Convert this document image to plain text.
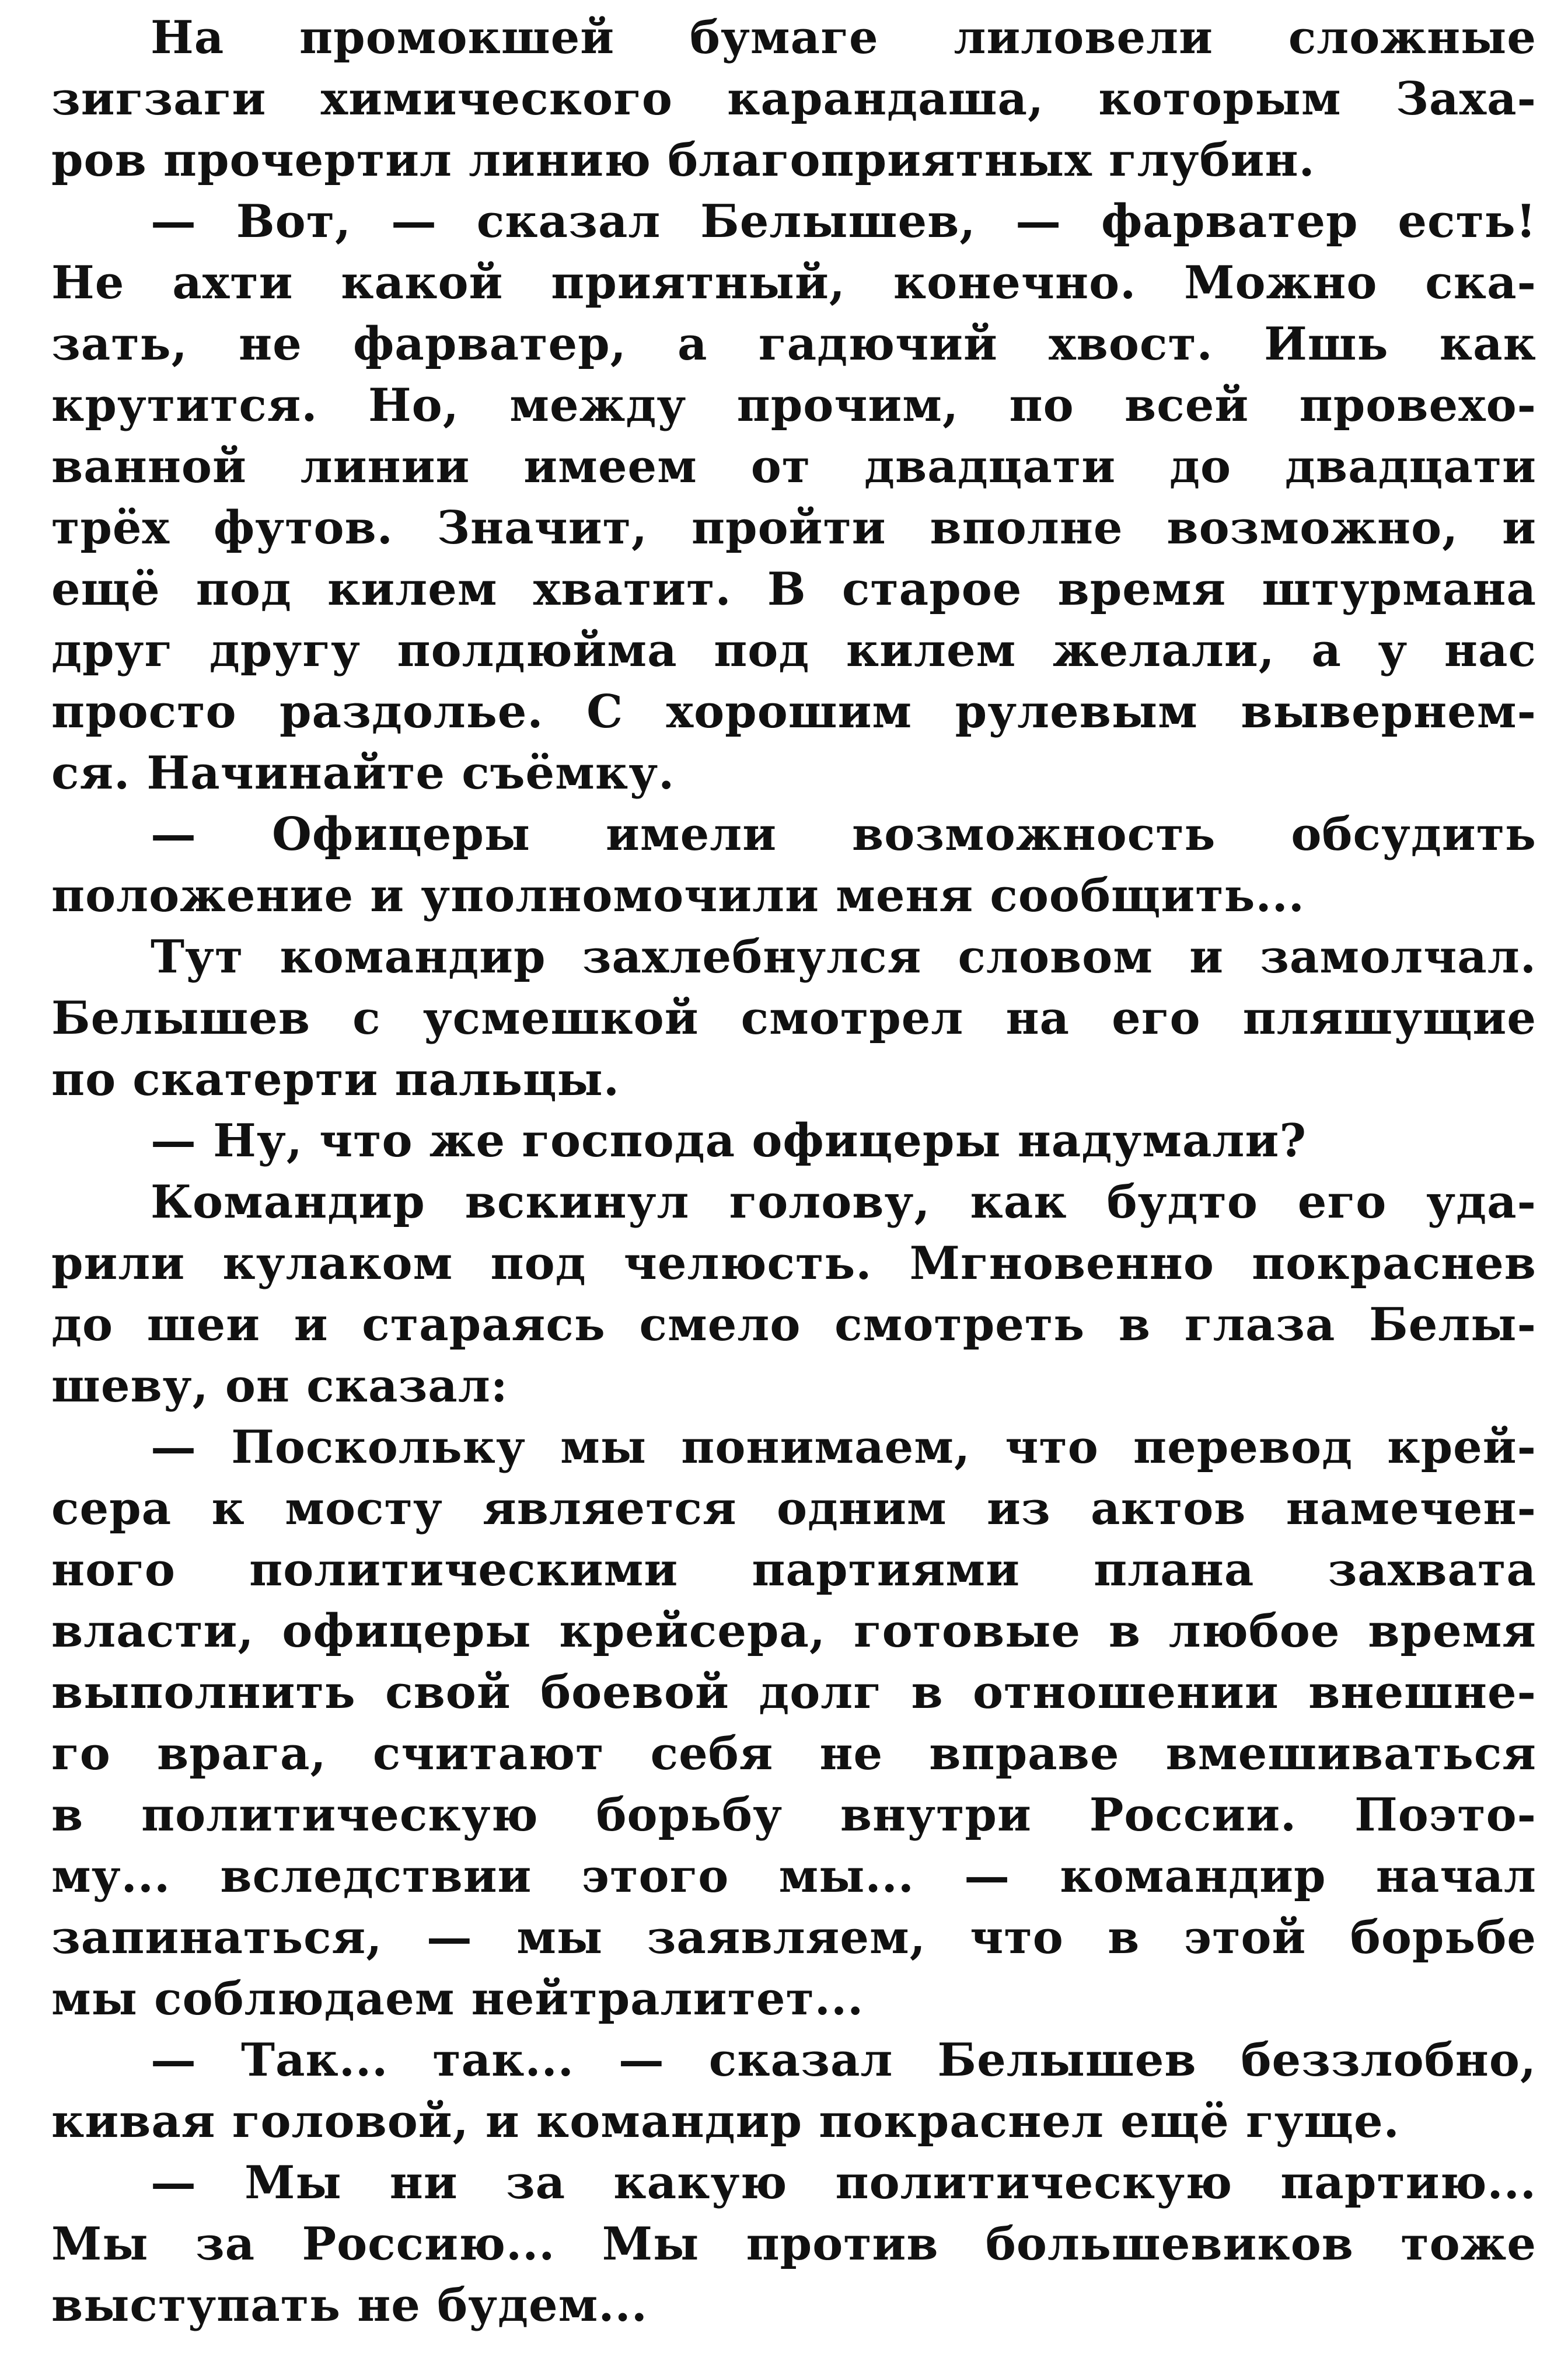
На промокшей бумаге лиловели сложные
зигзаги химического карандаша, которым Заха-
ров прочертил линию благоприятных глубин.
— Вот, — сказал Белышев, — фарватер есть!
Не ахти какой приятный, конечно. Можно ска-
зать, не фарватер, а гадючий хвост. Ишь как
крутится. Но, между прочим, по всей провехо-
ванной линии имеем от двадцати до двадцати
трёх футов. Значит, пройти вполне возможно, и
ещё под килем хватит. В старое время штурмана
друг другу полдюйма под килем желали, а у нас
просто раздолье. С хорошим рулевым вывернем-
ся. Начинайте съёмку.
— Офицеры имели возможность обсудить
положение и уполномочили меня сообщить...
Тут командир захлебнулся словом и замолчал.
Белышев с усмешкой смотрел на его пляшущие
по скатерти пальцы.
— Ну, что же господа офицеры надумали?
Командир вскинул голову, как будто его уда-
рили кулаком под челюсть. Мгновенно покраснев
до шеи и стараясь смело смотреть в глаза Белы-
шеву, он сказал:
— Поскольку мы понимаем, что перевод крей-
сера к мосту является одним из актов намечен-
ного политическими партиями плана захвата
власти, офицеры крейсера, готовые в любое время
выполнить свой боевой долг в отношении внешне-
го врага, считают себя не вправе вмешиваться
в политическую борьбу внутри России. Поэто-
му... вследствии этого мы... — командир начал
запинаться, — мы заявляем, что в этой борьбе
мы соблюдаем нейтралитет...
— Так... так... — сказал Белышев беззлобно,
кивая головой, и командир покраснел ещё гуще.
— Мы ни за какую политическую партию...
Мы за Россию... Мы против большевиков тоже
выступать не будем...
